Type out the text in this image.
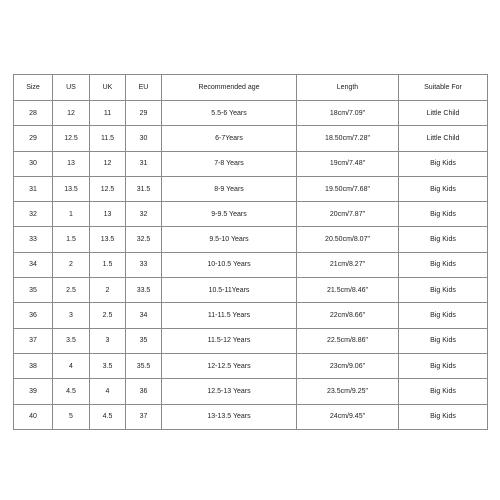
Size	US	UK	EU	Recommended age	Length	Suitable For
28	12	11	29	5.5-6 Years	18cm/7.09"	Little Child
29	12.5	11.5	30	6-7Years	18.50cm/7.28"	Little Child
30	13	12	31	7-8 Years	19cm/7.48"	Big Kids
31	13.5	12.5	31.5	8-9 Years	19.50cm/7.68"	Big Kids
32	1	13	32	9-9.5 Years	20cm/7.87"	Big Kids
33	1.5	13.5	32.5	9.5-10 Years	20.50cm/8.07"	Big Kids
34	2	1.5	33	10-10.5 Years	21cm/8.27"	Big Kids
35	2.5	2	33.5	10.5-11Years	21.5cm/8.46"	Big Kids
36	3	2.5	34	11-11.5 Years	22cm/8.66"	Big Kids
37	3.5	3	35	11.5-12 Years	22.5cm/8.86"	Big Kids
38	4	3.5	35.5	12-12.5 Years	23cm/9.06"	Big Kids
39	4.5	4	36	12.5-13 Years	23.5cm/9.25"	Big Kids
40	5	4.5	37	13-13.5 Years	24cm/9.45"	Big Kids
